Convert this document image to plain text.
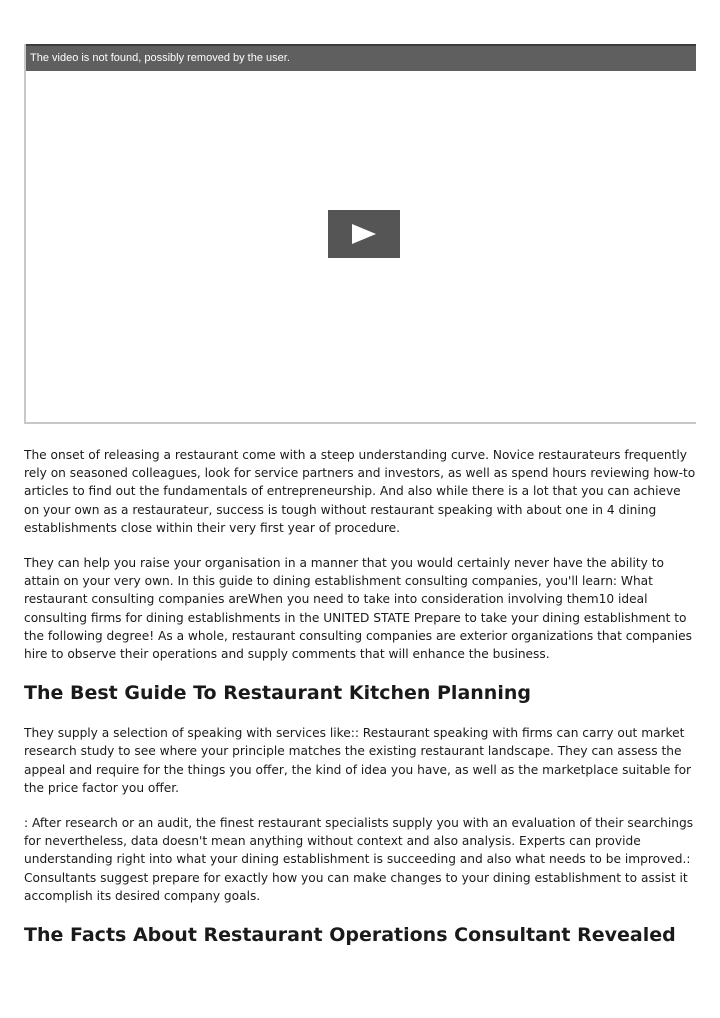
The video is not found, possibly removed by the user.

The onset of releasing a restaurant come with a steep understanding curve. Novice restaurateurs frequently rely on seasoned colleagues, look for service partners and investors, as well as spend hours reviewing how-to articles to find out the fundamentals of entrepreneurship. And also while there is a lot that you can achieve on your own as a restaurateur, success is tough without restaurant speaking with about one in 4 dining establishments close within their very first year of procedure.

They can help you raise your organisation in a manner that you would certainly never have the ability to attain on your very own. In this guide to dining establishment consulting companies, you'll learn: What restaurant consulting companies areWhen you need to take into consideration involving them10 ideal consulting firms for dining establishments in the UNITED STATE Prepare to take your dining establishment to the following degree! As a whole, restaurant consulting companies are exterior organizations that companies hire to observe their operations and supply comments that will enhance the business.

The Best Guide To Restaurant Kitchen Planning

They supply a selection of speaking with services like:: Restaurant speaking with firms can carry out market research study to see where your principle matches the existing restaurant landscape. They can assess the appeal and require for the things you offer, the kind of idea you have, as well as the marketplace suitable for the price factor you offer.

: After research or an audit, the finest restaurant specialists supply you with an evaluation of their searchings for nevertheless, data doesn't mean anything without context and also analysis. Experts can provide understanding right into what your dining establishment is succeeding and also what needs to be improved.: Consultants suggest prepare for exactly how you can make changes to your dining establishment to assist it accomplish its desired company goals.

The Facts About Restaurant Operations Consultant Revealed
